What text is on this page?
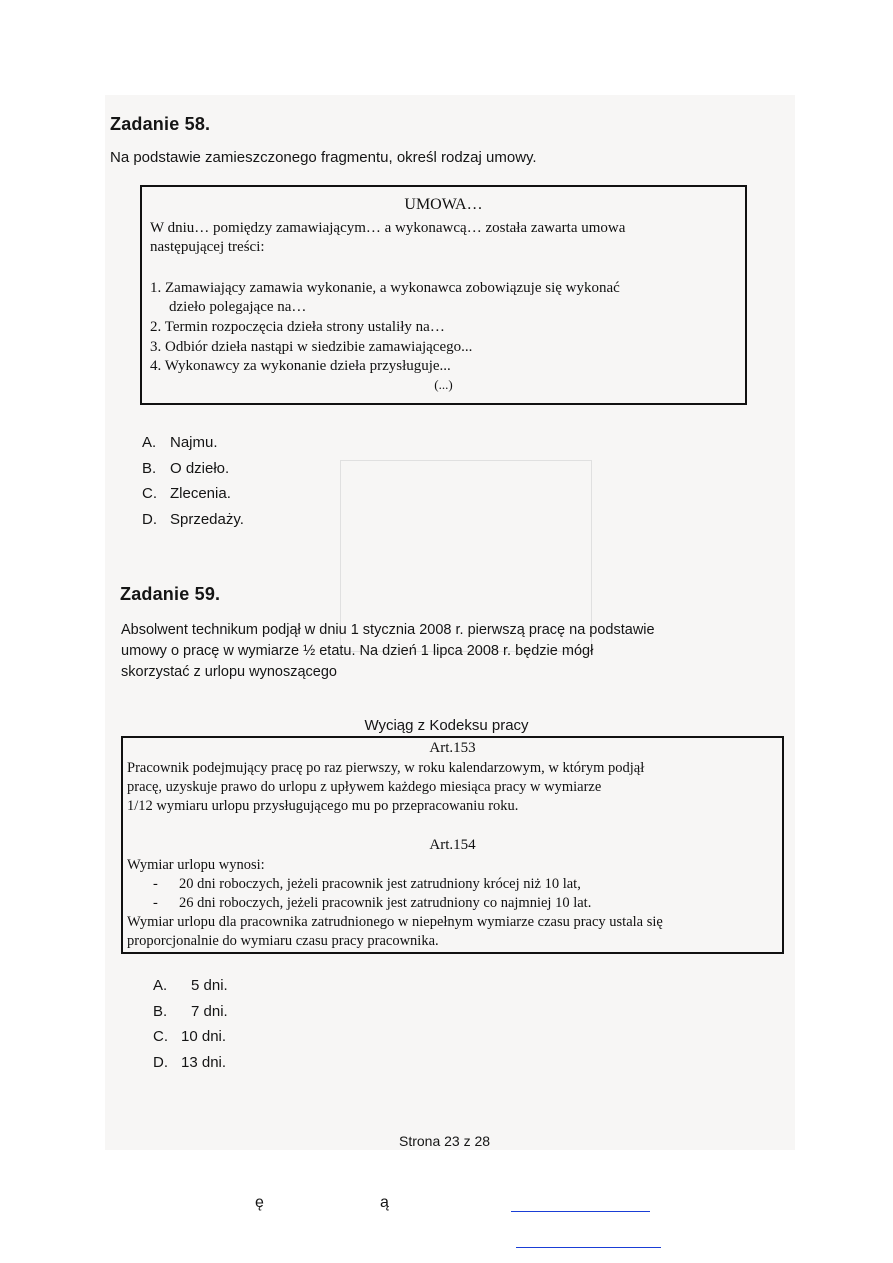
Zadanie 58.
Na podstawie zamieszczonego fragmentu, określ rodzaj umowy.
UMOWA…
W dniu… pomiędzy zamawiającym… a wykonawcą… została zawarta umowa
następującej treści:
1. Zamawiający zamawia wykonanie, a wykonawca zobowiązuje się wykonać
dzieło polegające na…
2. Termin rozpoczęcia dzieła strony ustaliły na…
3. Odbiór dzieła nastąpi w siedzibie zamawiającego...
4. Wykonawcy za wykonanie dzieła przysługuje...
(...)
A. Najmu.
B. O dzieło.
C. Zlecenia.
D. Sprzedaży.
Zadanie 59.
Absolwent technikum podjął w dniu 1 stycznia 2008 r. pierwszą pracę na podstawie
umowy o pracę w wymiarze ½ etatu. Na dzień 1 lipca 2008 r. będzie mógł
skorzystać z urlopu wynoszącego
Wyciąg z Kodeksu pracy
Art.153
Pracownik podejmujący pracę po raz pierwszy, w roku kalendarzowym, w którym podjął
pracę, uzyskuje prawo do urlopu z upływem każdego miesiąca pracy w wymiarze
1/12 wymiaru urlopu przysługującego mu po przepracowaniu roku.
Art.154
Wymiar urlopu wynosi:
- 20 dni roboczych, jeżeli pracownik jest zatrudniony krócej niż 10 lat,
- 26 dni roboczych, jeżeli pracownik jest zatrudniony co najmniej 10 lat.
Wymiar urlopu dla pracownika zatrudnionego w niepełnym wymiarze czasu pracy ustala się
proporcjonalnie do wymiaru czasu pracy pracownika.
A. 5 dni.
B. 7 dni.
C. 10 dni.
D. 13 dni.
Strona 23 z 28
ę	ą
